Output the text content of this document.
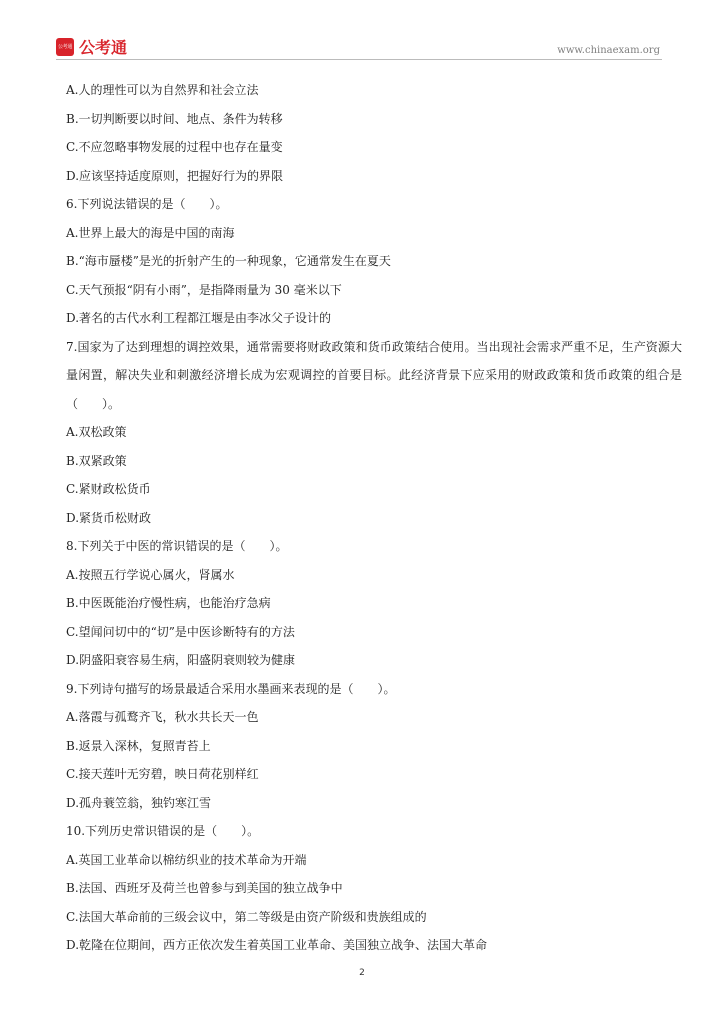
公考通 公考通	www.chinaexam.org
A.人的理性可以为自然界和社会立法
B.一切判断要以时间、地点、条件为转移
C.不应忽略事物发展的过程中也存在量变
D.应该坚持适度原则，把握好行为的界限
6.下列说法错误的是（　　）。
A.世界上最大的海是中国的南海
B.“海市蜃楼”是光的折射产生的一种现象，它通常发生在夏天
C.天气预报“阴有小雨”，是指降雨量为 30 毫米以下
D.著名的古代水利工程都江堰是由李冰父子设计的
7.国家为了达到理想的调控效果，通常需要将财政政策和货币政策结合使用。当出现社会需求严重不足，生产资源大量闲置，解决失业和刺激经济增长成为宏观调控的首要目标。此经济背景下应采用的财政政策和货币政策的组合是（　　）。
A.双松政策
B.双紧政策
C.紧财政松货币
D.紧货币松财政
8.下列关于中医的常识错误的是（　　）。
A.按照五行学说心属火，肾属水
B.中医既能治疗慢性病，也能治疗急病
C.望闻问切中的“切”是中医诊断特有的方法
D.阴盛阳衰容易生病，阳盛阴衰则较为健康
9.下列诗句描写的场景最适合采用水墨画来表现的是（　　）。
A.落霞与孤鹜齐飞，秋水共长天一色
B.返景入深林，复照青苔上
C.接天莲叶无穷碧，映日荷花别样红
D.孤舟蓑笠翁，独钓寒江雪
10.下列历史常识错误的是（　　）。
A.英国工业革命以棉纺织业的技术革命为开端
B.法国、西班牙及荷兰也曾参与到美国的独立战争中
C.法国大革命前的三级会议中，第二等级是由资产阶级和贵族组成的
D.乾隆在位期间，西方正依次发生着英国工业革命、美国独立战争、法国大革命
2
